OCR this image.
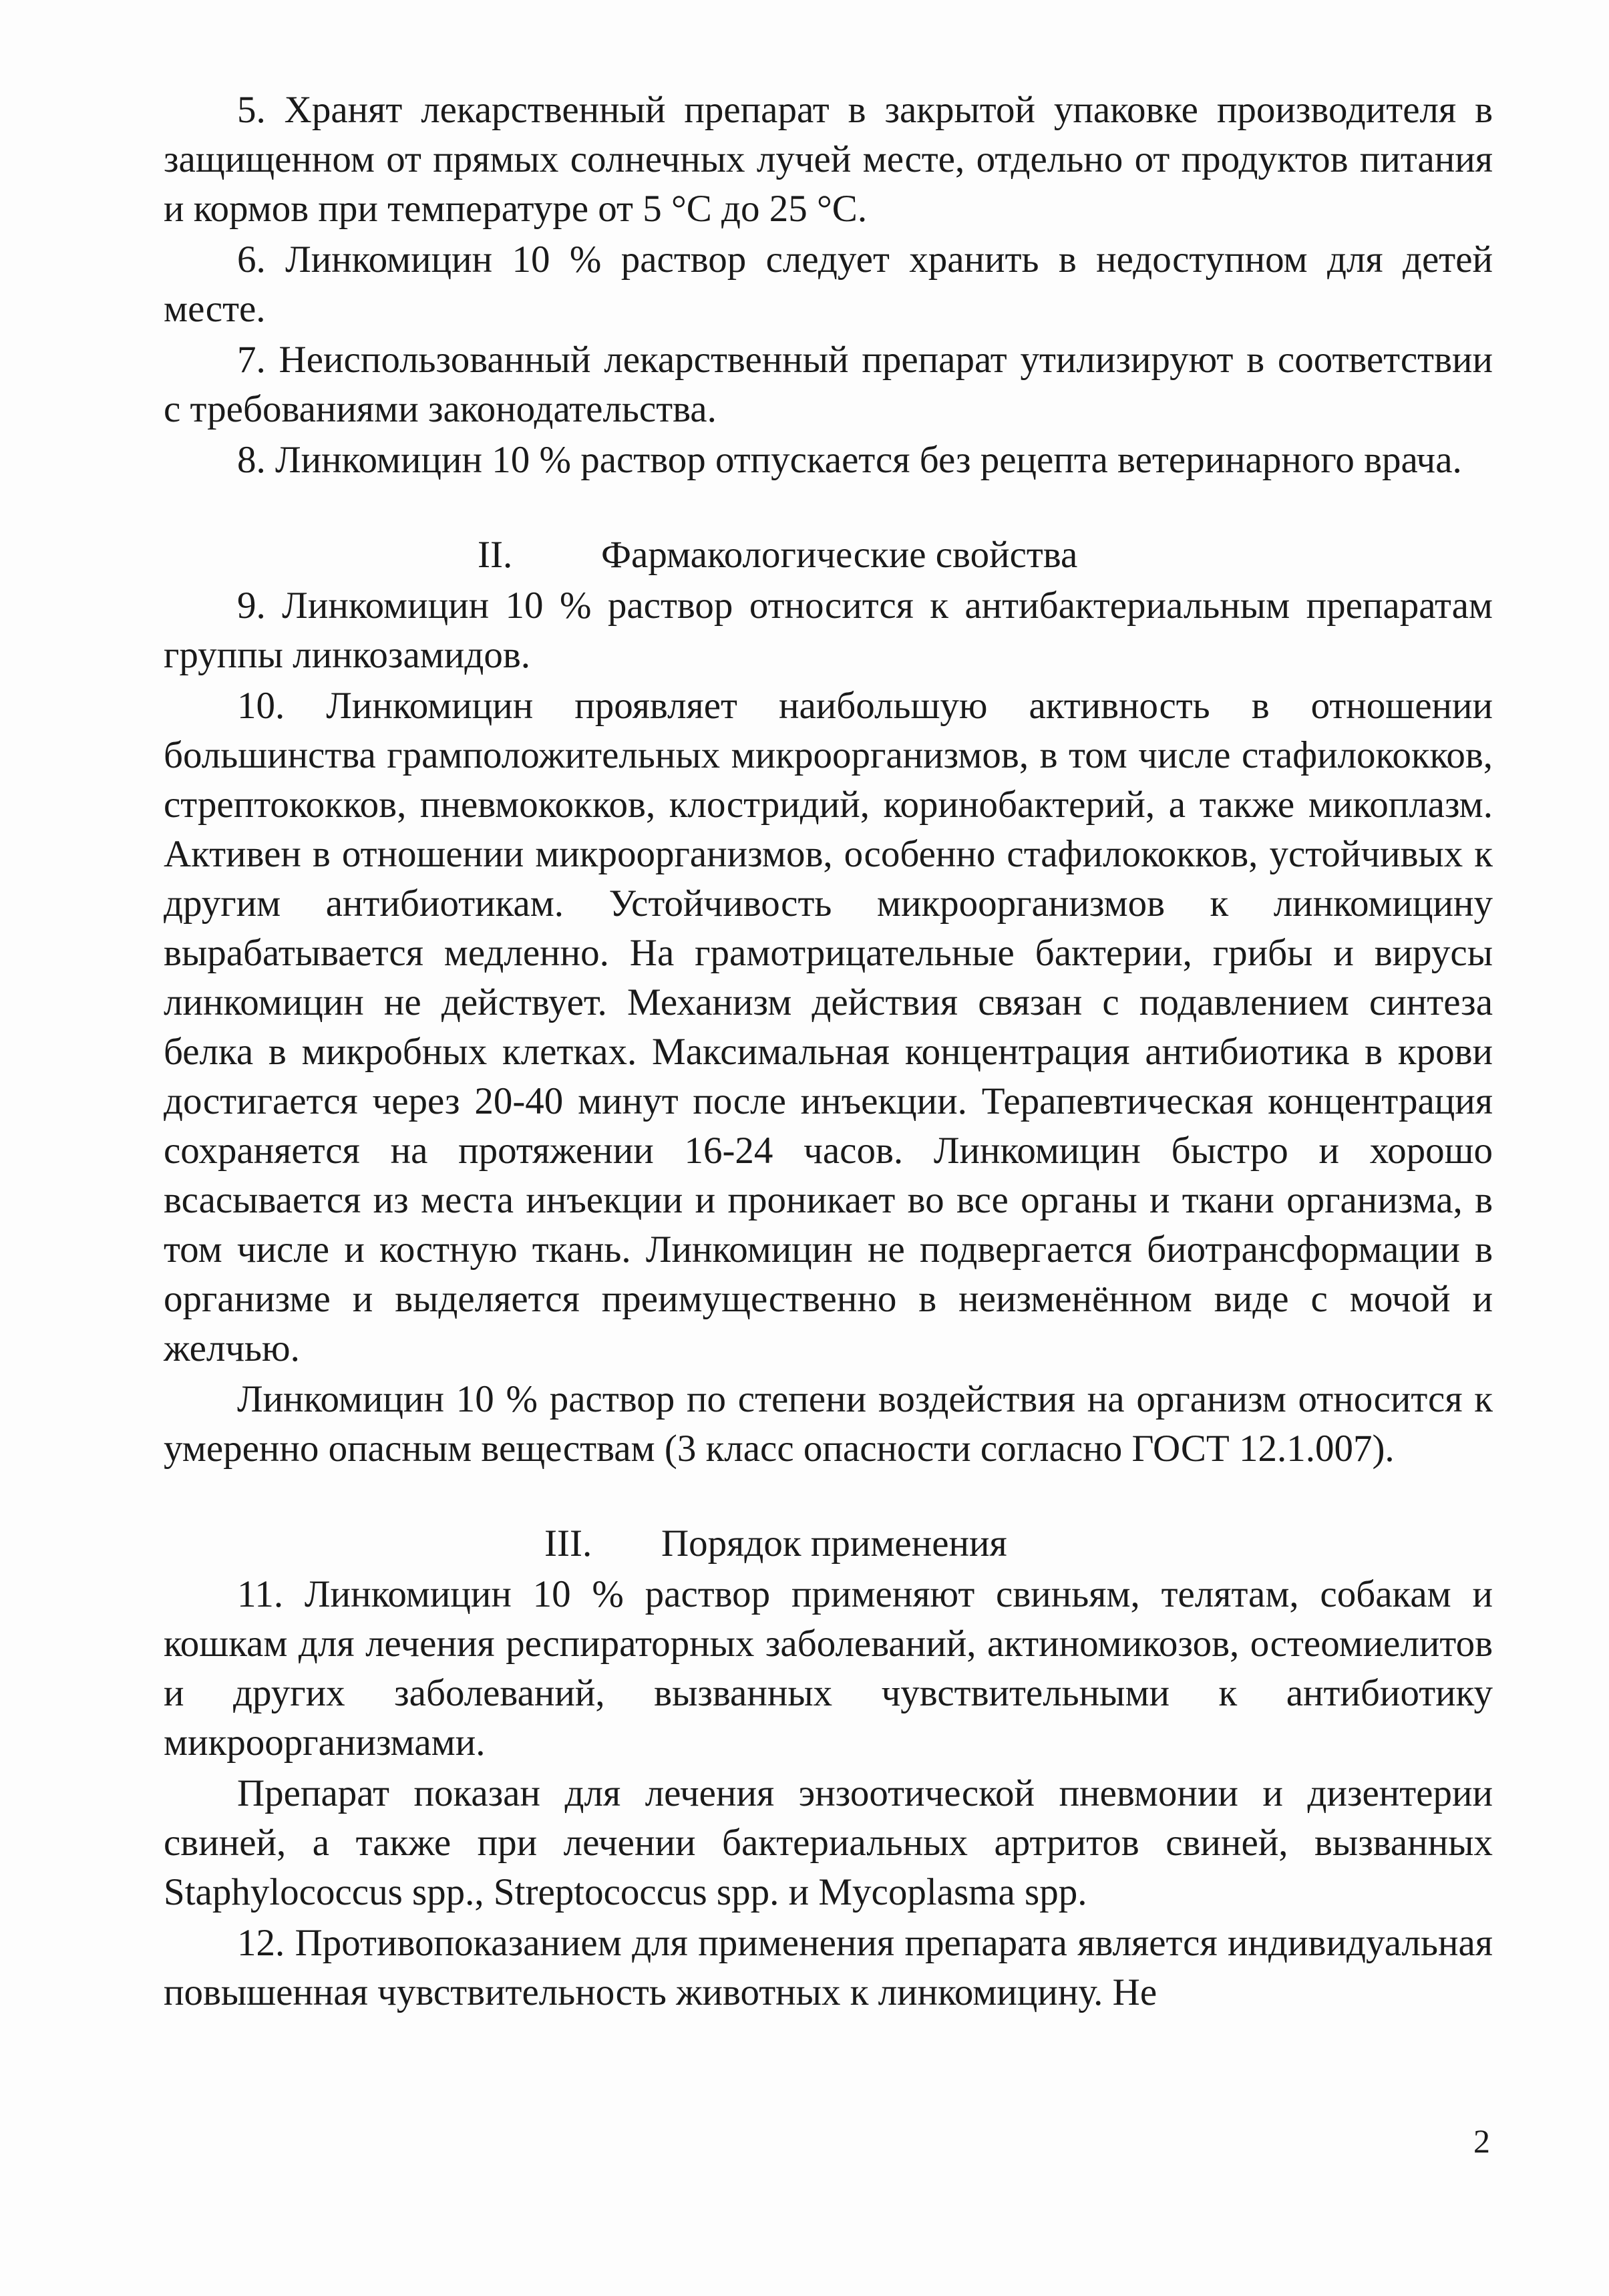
5. Хранят лекарственный препарат в закрытой упаковке производителя в защищенном от прямых солнечных лучей месте, отдельно от продуктов питания и кормов при температуре от 5 °С до 25 °С.

6. Линкомицин 10 % раствор следует хранить в недоступном для детей месте.

7. Неиспользованный лекарственный препарат утилизируют в соответствии с требованиями законодательства.

8. Линкомицин 10 % раствор отпускается без рецепта ветеринарного врача.

II. Фармакологические свойства

9. Линкомицин 10 % раствор относится к антибактериальным препаратам группы линкозамидов.

10. Линкомицин проявляет наибольшую активность в отношении большинства грамположительных микроорганизмов, в том числе стафилококков, стрептококков, пневмококков, клостридий, коринобактерий, а также микоплазм. Активен в отношении микроорганизмов, особенно стафилококков, устойчивых к другим антибиотикам. Устойчивость микроорганизмов к линкомицину вырабатывается медленно. На грамотрицательные бактерии, грибы и вирусы линкомицин не действует. Механизм действия связан с подавлением синтеза белка в микробных клетках. Максимальная концентрация антибиотика в крови достигается через 20-40 минут после инъекции. Терапевтическая концентрация сохраняется на протяжении 16-24 часов. Линкомицин быстро и хорошо всасывается из места инъекции и проникает во все органы и ткани организма, в том числе и костную ткань. Линкомицин не подвергается биотрансформации в организме и выделяется преимущественно в неизменённом виде с мочой и желчью.

Линкомицин 10 % раствор по степени воздействия на организм относится к умеренно опасным веществам (3 класс опасности согласно ГОСТ 12.1.007).

III. Порядок применения

11. Линкомицин 10 % раствор применяют свиньям, телятам, собакам и кошкам для лечения респираторных заболеваний, актиномикозов, остеомиелитов и других заболеваний, вызванных чувствительными к антибиотику микроорганизмами.

Препарат показан для лечения энзоотической пневмонии и дизентерии свиней, а также при лечении бактериальных артритов свиней, вызванных Staphylococcus spp., Streptococcus spp. и Mycoplasma spp.

12. Противопоказанием для применения препарата является индивидуальная повышенная чувствительность животных к линкомицину. Не

2
